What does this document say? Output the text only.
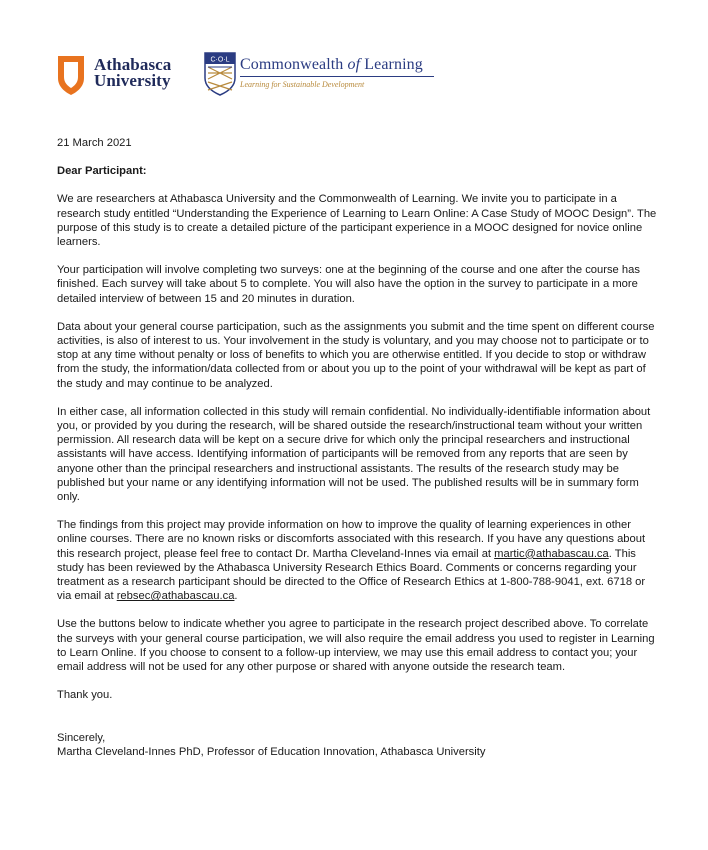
Athabasca
University
C·O·L Commonwealth of Learning
Learning for Sustainable Development

21 March 2021

Dear Participant:

We are researchers at Athabasca University and the Commonwealth of Learning. We invite you to participate in a research study entitled “Understanding the Experience of Learning to Learn Online: A Case Study of MOOC Design”. The purpose of this study is to create a detailed picture of the participant experience in a MOOC designed for novice online learners.

Your participation will involve completing two surveys: one at the beginning of the course and one after the course has finished. Each survey will take about 5 to complete. You will also have the option in the survey to participate in a more detailed interview of between 15 and 20 minutes in duration.

Data about your general course participation, such as the assignments you submit and the time spent on different course activities, is also of interest to us. Your involvement in the study is voluntary, and you may choose not to participate or to stop at any time without penalty or loss of benefits to which you are otherwise entitled. If you decide to stop or withdraw from the study, the information/data collected from or about you up to the point of your withdrawal will be kept as part of the study and may continue to be analyzed.

In either case, all information collected in this study will remain confidential. No individually-identifiable information about you, or provided by you during the research, will be shared outside the research/instructional team without your written permission. All research data will be kept on a secure drive for which only the principal researchers and instructional assistants will have access. Identifying information of participants will be removed from any reports that are seen by anyone other than the principal researchers and instructional assistants. The results of the research study may be published but your name or any identifying information will not be used. The published results will be in summary form only.

The findings from this project may provide information on how to improve the quality of learning experiences in other online courses. There are no known risks or discomforts associated with this research. If you have any questions about this research project, please feel free to contact Dr. Martha Cleveland-Innes via email at martic@athabascau.ca. This study has been reviewed by the Athabasca University Research Ethics Board. Comments or concerns regarding your treatment as a research participant should be directed to the Office of Research Ethics at 1-800-788-9041, ext. 6718 or via email at rebsec@athabascau.ca.

Use the buttons below to indicate whether you agree to participate in the research project described above. To correlate the surveys with your general course participation, we will also require the email address you used to register in Learning to Learn Online. If you choose to consent to a follow-up interview, we may use this email address to contact you; your email address will not be used for any other purpose or shared with anyone outside the research team.

Thank you.

Sincerely,

Martha Cleveland-Innes PhD, Professor of Education Innovation, Athabasca University
